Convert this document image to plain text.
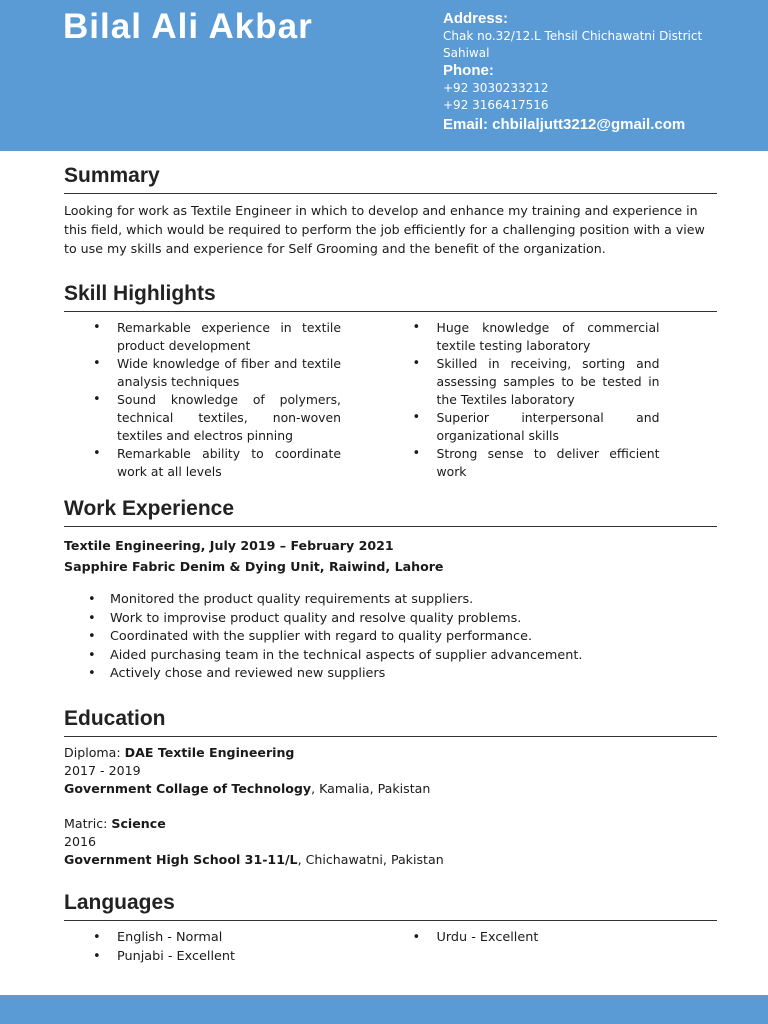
Bilal Ali Akbar	Address:
Chak no.32/12.L Tehsil Chichawatni District
Sahiwal
Phone:
+92 3030233212
+92 3166417516
Email: chbilaljutt3212@gmail.com
Summary

Looking for work as Textile Engineer in which to develop and enhance my training and experience in this field, which would be required to perform the job efficiently for a challenging position with a view to use my skills and experience for Self Grooming and the benefit of the organization.

Skill Highlights
• Remarkable experience in textile product development
• Wide knowledge of fiber and textile analysis techniques
• Sound knowledge of polymers, technical textiles, non-woven textiles and electros pinning
• Remarkable ability to coordinate work at all levels
• Huge knowledge of commercial textile testing laboratory
• Skilled in receiving, sorting and assessing samples to be tested in the Textiles laboratory
• Superior interpersonal and organizational skills
• Strong sense to deliver efficient work
Work Experience
Textile Engineering, July 2019 – February 2021
Sapphire Fabric Denim & Dying Unit, Raiwind, Lahore
• Monitored the product quality requirements at suppliers.
• Work to improvise product quality and resolve quality problems.
• Coordinated with the supplier with regard to quality performance.
• Aided purchasing team in the technical aspects of supplier advancement.
• Actively chose and reviewed new suppliers
Education
Diploma: DAE Textile Engineering
2017 - 2019
Government Collage of Technology, Kamalia, Pakistan
Matric: Science
2016
Government High School 31-11/L, Chichawatni, Pakistan
Languages
• English - Normal
• Punjabi - Excellent
• Urdu - Excellent
